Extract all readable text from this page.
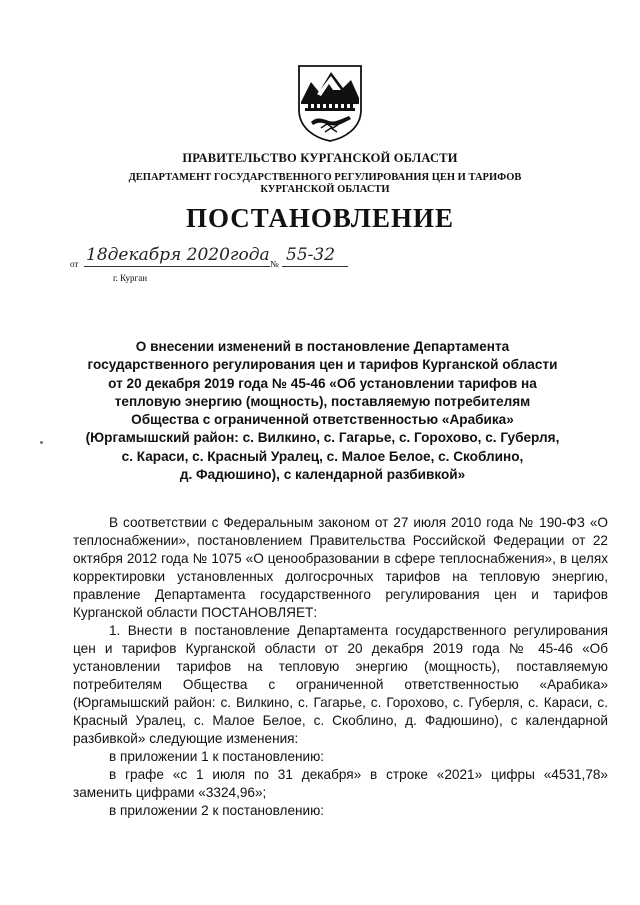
ПРАВИТЕЛЬСТВО КУРГАНСКОЙ ОБЛАСТИ
ДЕПАРТАМЕНТ ГОСУДАРСТВЕННОГО РЕГУЛИРОВАНИЯ ЦЕН И ТАРИФОВ
КУРГАНСКОЙ ОБЛАСТИ
ПОСТАНОВЛЕНИЕ
от 18декабря 2020года № 55-32
г. Курган
О внесении изменений в постановление Департамента
государственного регулирования цен и тарифов Курганской области
от 20 декабря 2019 года № 45-46 «Об установлении тарифов на
тепловую энергию (мощность), поставляемую потребителям
Общества с ограниченной ответственностью «Арабика»
(Юргамышский район: с. Вилкино, с. Гагарье, с. Горохово, с. Губерля,
с. Караси, с. Красный Уралец, с. Малое Белое, с. Скоблино,
д. Фадюшино), с календарной разбивкой»

В соответствии с Федеральным законом от 27 июля 2010 года № 190-ФЗ «О теплоснабжении», постановлением Правительства Российской Федерации от 22 октября 2012 года № 1075 «О ценообразовании в сфере теплоснабжения», в целях корректировки установленных долгосрочных тарифов на тепловую энергию, правление Департамента государственного регулирования цен и тарифов Курганской области ПОСТАНОВЛЯЕТ:

1. Внести в постановление Департамента государственного регулирования цен и тарифов Курганской области от 20 декабря 2019 года № 45-46 «Об установлении тарифов на тепловую энергию (мощность), поставляемую потребителям Общества с ограниченной ответственностью «Арабика» (Юргамышский район: с. Вилкино, с. Гагарье, с. Горохово, с. Губерля, с. Караси, с. Красный Уралец, с. Малое Белое, с. Скоблино, д. Фадюшино), с календарной разбивкой» следующие изменения:

в приложении 1 к постановлению:

в графе «с 1 июля по 31 декабря» в строке «2021» цифры «4531,78» заменить цифрами «3324,96»;

в приложении 2 к постановлению:
